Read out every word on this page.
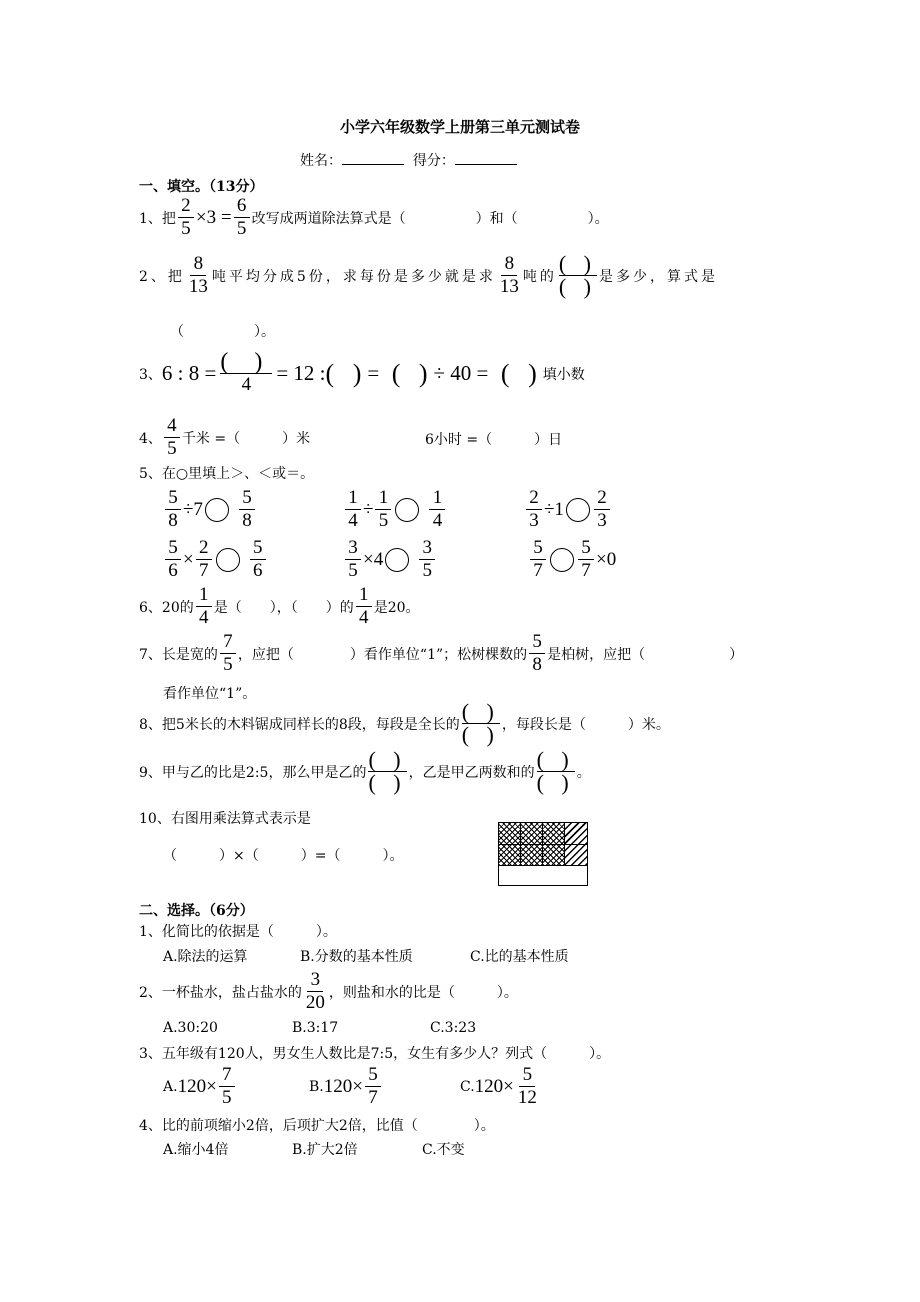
小学六年级数学上册第三单元测试卷
姓名：	得分：
一、填空。（13分）
1、把 $\frac{2}{5} \times 3 = \frac{6}{5}$ 改写成两道除法算式是（　　　　　）和（　　　　　）。
2、把 $\frac{8}{13}$ 吨平均分成5份，求每份是多少就是求 $\frac{8}{13}$ 吨的
( )
( ) 是多少，算式是
（　　　　　）。
3、 6 : 8 = ( )
4 = 12 : ( ) = ( ) ÷ 40 = ( ) 填小数
4、 $\frac{4}{5}$ 千米 =（　　　）米	6小时 =（　　　）日
5、在○里填上＞、＜或＝。
$\frac{5}{8} \div 7 \frac{5}{8}$	$\frac{1}{4} \div \frac{1}{5} \frac{1}{4}$	$\frac{2}{3} \div 1 \frac{2}{3}$
$\frac{5}{6} \times \frac{2}{7} \frac{5}{6}$	$\frac{3}{5} \times 4 \frac{3}{5}$	$\frac{5}{7} \frac{5}{7} \times 0$
6、20的 $\frac{1}{4}$ 是（　　），（　　）的 $\frac{1}{4}$ 是20。
7、长是宽的 $\frac{7}{5}$ ，应把（　　　　）看作单位“1”；松树棵数的 $\frac{5}{8}$ 是柏树，应把（　　　　　　）
看作单位“1”。
8、把5米长的木料锯成同样长的8段，每段是全长的
( )
( ) ，每段长是（　　　）米。
9、甲与乙的比是2:5，那么甲是乙的
( )
( ) ，乙是甲乙两数和的
( )
( ) 。
10、右图用乘法算式表示是
（　　　）×（　　　）=（　　　）。
二、选择。（6分）
1、化简比的依据是（　　　）。
A.除法的运算	B.分数的基本性质	C.比的基本性质
2、一杯盐水，盐占盐水的 $\frac{3}{20}$ ，则盐和水的比是（　　　）。
A.30:20	B.3:17	C.3:23
3、五年级有120人，男女生人数比是7:5，女生有多少人？列式（　　　）。
A. $120\times \frac{7}{5}$	B. $120\times \frac{5}{7}$	C. $120\times \frac{5}{12}$
4、比的前项缩小2倍，后项扩大2倍，比值（　　　　）。
A.缩小4倍	B.扩大2倍	C.不变
